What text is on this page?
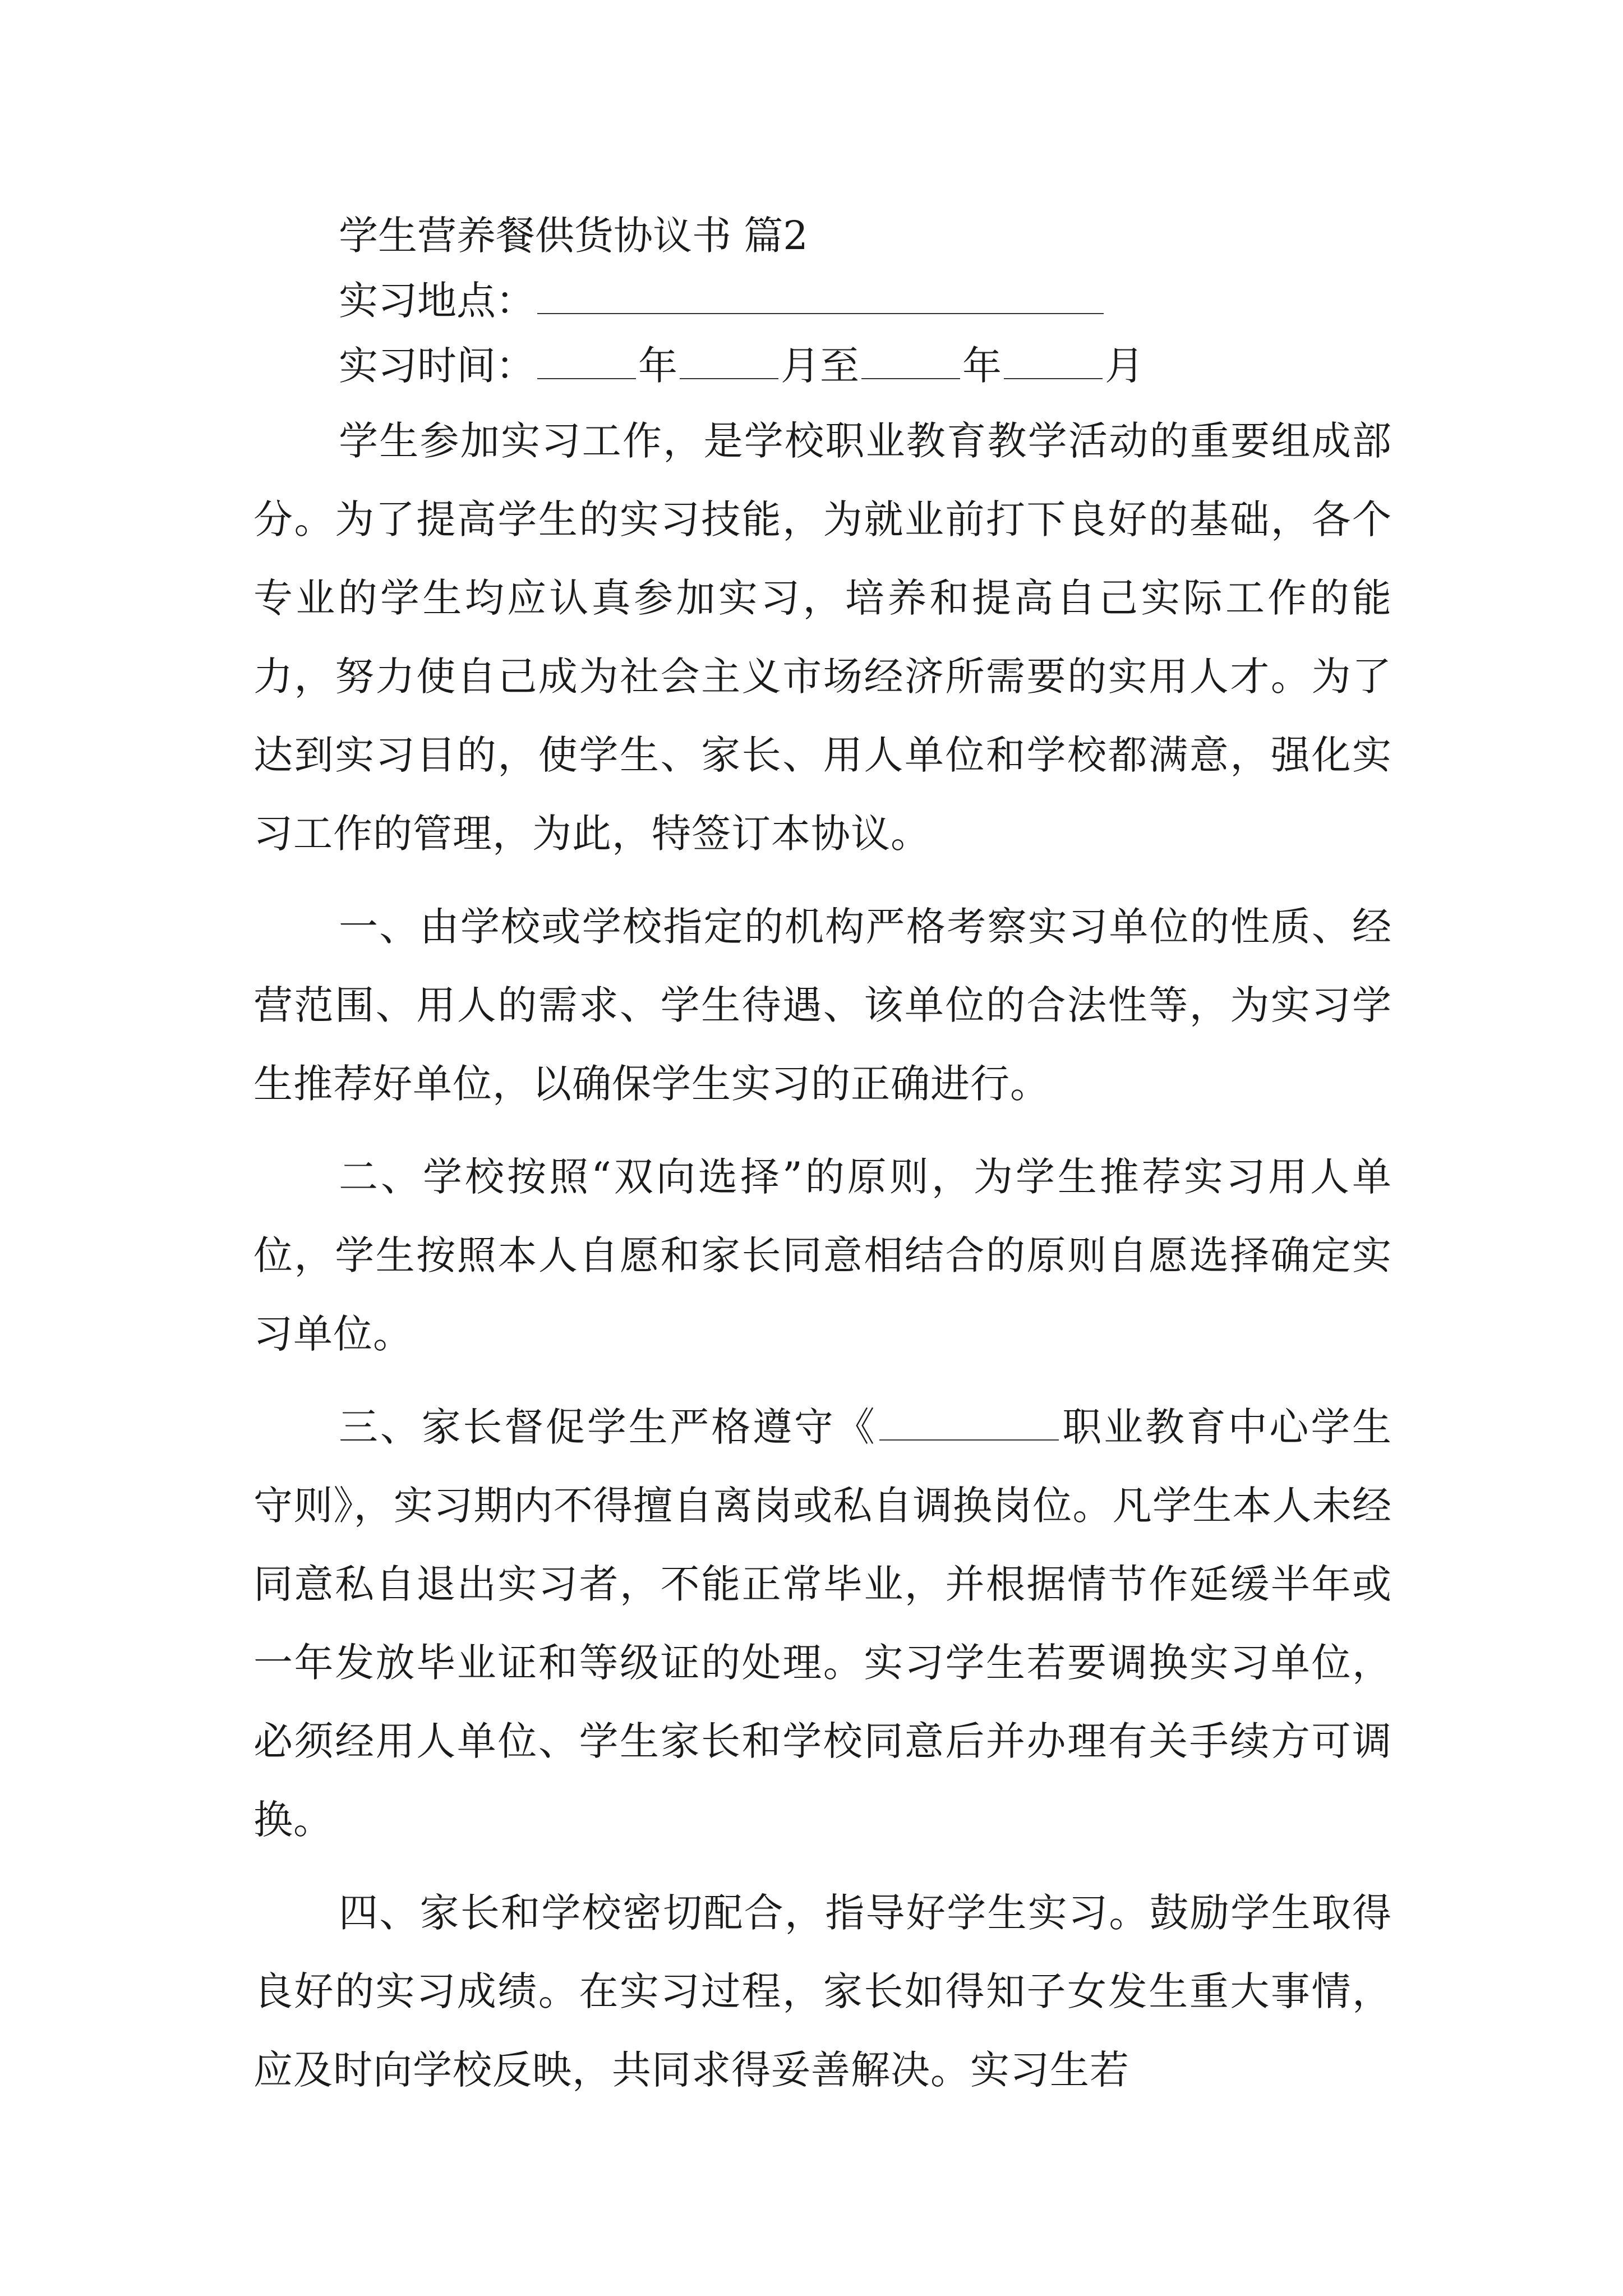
学生营养餐供货协议书 篇2

实习地点：

实习时间：	年	月至	年	月

学生参加实习工作，是学校职业教育教学活动的重要组成部分。为了提高学生的实习技能，为就业前打下良好的基础，各个专业的学生均应认真参加实习，培养和提高自己实际工作的能力，努力使自己成为社会主义市场经济所需要的实用人才。为了达到实习目的，使学生、家长、用人单位和学校都满意，强化实习工作的管理，为此，特签订本协议。

一、由学校或学校指定的机构严格考察实习单位的性质、经营范围、用人的需求、学生待遇、该单位的合法性等，为实习学生推荐好单位，以确保学生实习的正确进行。

二、学校按照“双向选择”的原则，为学生推荐实习用人单位，学生按照本人自愿和家长同意相结合的原则自愿选择确定实习单位。

三、家长督促学生严格遵守《	职业教育中心学生守则》，实习期内不得擅自离岗或私自调换岗位。凡学生本人未经同意私自退出实习者，不能正常毕业，并根据情节作延缓半年或一年发放毕业证和等级证的处理。实习学生若要调换实习单位，必须经用人单位、学生家长和学校同意后并办理有关手续方可调换。

四、家长和学校密切配合，指导好学生实习。鼓励学生取得良好的实习成绩。在实习过程，家长如得知子女发生重大事情，应及时向学校反映，共同求得妥善解决。实习生若
